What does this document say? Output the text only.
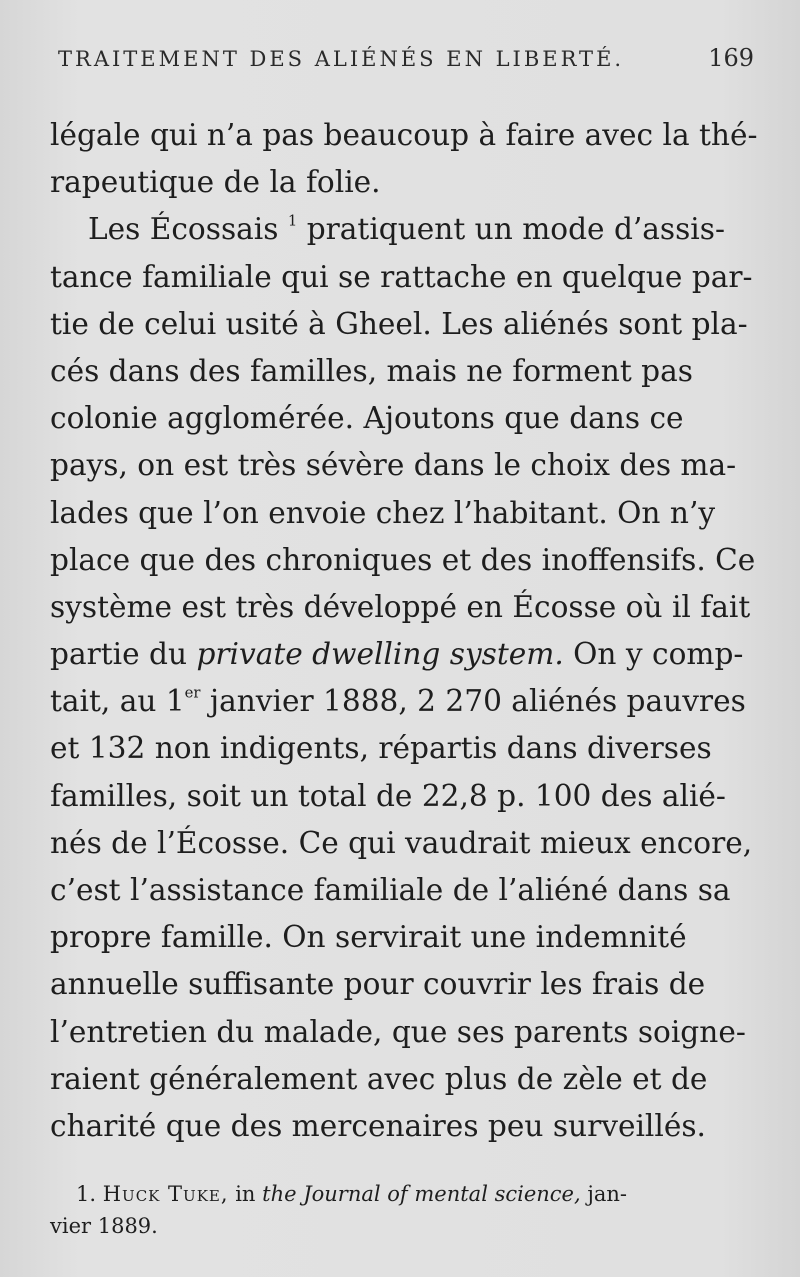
TRAITEMENT DES ALIÉNÉS EN LIBERTÉ.	169
légale qui n’a pas beaucoup à faire avec la thé-
rapeutique de la folie.
Les Écossais $^1$ pratiquent un mode d’assis-
tance familiale qui se rattache en quelque par-
tie de celui usité à Gheel. Les aliénés sont pla-
cés dans des familles, mais ne forment pas
colonie agglomérée. Ajoutons que dans ce
pays, on est très sévère dans le choix des ma-
lades que l’on envoie chez l’habitant. On n’y
place que des chroniques et des inoffensifs. Ce
système est très développé en Écosse où il fait
partie du private dwelling system. On y comp-
tait, au 1er janvier 1888, 2 270 aliénés pauvres
et 132 non indigents, répartis dans diverses
familles, soit un total de 22,8 p. 100 des alié-
nés de l’Écosse. Ce qui vaudrait mieux encore,
c’est l’assistance familiale de l’aliéné dans sa
propre famille. On servirait une indemnité
annuelle suffisante pour couvrir les frais de
l’entretien du malade, que ses parents soigne-
raient généralement avec plus de zèle et de
charité que des mercenaires peu surveillés.
1. Huck Tuke, in the Journal of mental science, jan-
vier 1889.
